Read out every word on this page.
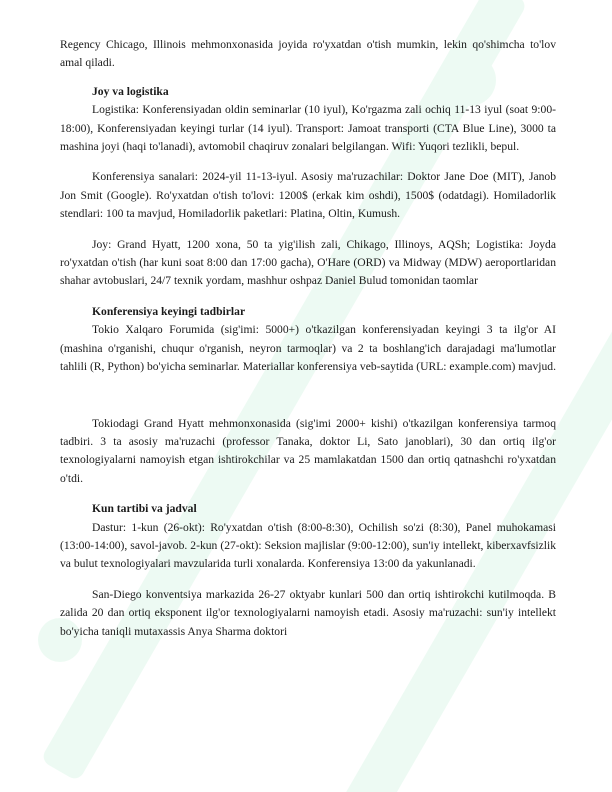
Regency Chicago, Illinois mehmonxonasida joyida ro'yxatdan o'tish mumkin, lekin qo'shimcha to'lov amal qiladi.

Joy va logistika

Logistika: Konferensiyadan oldin seminarlar (10 iyul), Ko'rgazma zali ochiq 11-13 iyul (soat 9:00-18:00), Konferensiyadan keyingi turlar (14 iyul). Transport: Jamoat transporti (CTA Blue Line), 3000 ta mashina joyi (haqi to'lanadi), avtomobil chaqiruv zonalari belgilangan. Wifi: Yuqori tezlikli, bepul.

Konferensiya sanalari: 2024-yil 11-13-iyul. Asosiy ma'ruzachilar: Doktor Jane Doe (MIT), Janob Jon Smit (Google). Ro'yxatdan o'tish to'lovi: 1200$ (erkak kim oshdi), 1500$ (odatdagi). Homiladorlik stendlari: 100 ta mavjud, Homiladorlik paketlari: Platina, Oltin, Kumush.

Joy: Grand Hyatt, 1200 xona, 50 ta yig'ilish zali, Chikago, Illinoys, AQSh; Logistika: Joyda ro'yxatdan o'tish (har kuni soat 8:00 dan 17:00 gacha), O'Hare (ORD) va Midway (MDW) aeroportlaridan shahar avtobuslari, 24/7 texnik yordam, mashhur oshpaz Daniel Bulud tomonidan taomlar

Konferensiya keyingi tadbirlar

Tokio Xalqaro Forumida (sig'imi: 5000+) o'tkazilgan konferensiyadan keyingi 3 ta ilg'or AI (mashina o'rganishi, chuqur o'rganish, neyron tarmoqlar) va 2 ta boshlang'ich darajadagi ma'lumotlar tahlili (R, Python) bo'yicha seminarlar. Materiallar konferensiya veb-saytida (URL: example.com) mavjud.

Tokiodagi Grand Hyatt mehmonxonasida (sig'imi 2000+ kishi) o'tkazilgan konferensiya tarmoq tadbiri. 3 ta asosiy ma'ruzachi (professor Tanaka, doktor Li, Sato janoblari), 30 dan ortiq ilg'or texnologiyalarni namoyish etgan ishtirokchilar va 25 mamlakatdan 1500 dan ortiq qatnashchi ro'yxatdan o'tdi.

Kun tartibi va jadval

Dastur: 1-kun (26-okt): Ro'yxatdan o'tish (8:00-8:30), Ochilish so'zi (8:30), Panel muhokamasi (13:00-14:00), savol-javob. 2-kun (27-okt): Seksion majlislar (9:00-12:00), sun'iy intellekt, kiberxavfsizlik va bulut texnologiyalari mavzularida turli xonalarda. Konferensiya 13:00 da yakunlanadi.

San-Diego konventsiya markazida 26-27 oktyabr kunlari 500 dan ortiq ishtirokchi kutilmoqda. B zalida 20 dan ortiq eksponent ilg'or texnologiyalarni namoyish etadi. Asosiy ma'ruzachi: sun'iy intellekt bo'yicha taniqli mutaxassis Anya Sharma doktori
